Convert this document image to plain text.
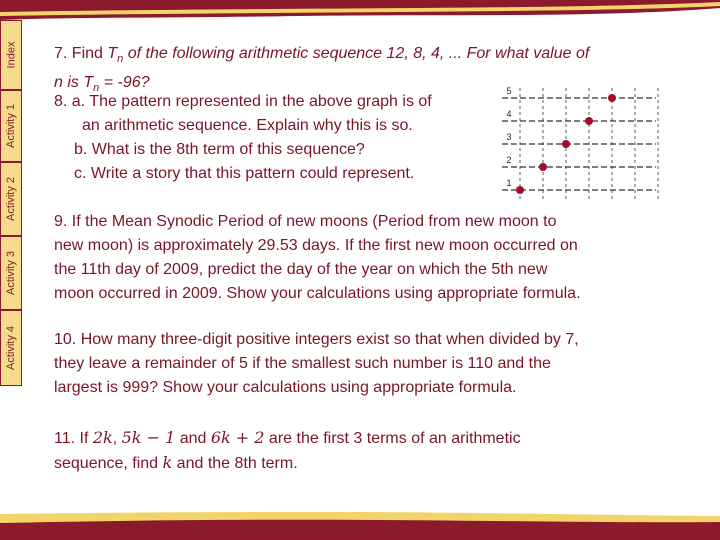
Index
Activity 1
Activity 2
Activity 3
Activity 4
7. Find $T_n$ of the following arithmetic sequence 12, 8, 4, ... For what value of
n is $T_n = -96$?
8. a. The pattern represented in the above graph is of
an arithmetic sequence. Explain why this is so.
b. What is the 8th term of this sequence?
c. Write a story that this pattern could represent.
9. If the Mean Synodic Period of new moons (Period from new moon to
new moon) is approximately 29.53 days. If the first new moon occurred on
the 11th day of 2009, predict the day of the year on which the 5th new
moon occurred in 2009. Show your calculations using appropriate formula.
10. How many three-digit positive integers exist so that when divided by 7,
they leave a remainder of 5 if the smallest such number is 110 and the
largest is 999? Show your calculations using appropriate formula.
11. If 2k, 5k − 1 and 6k + 2 are the first 3 terms of an arithmetic
sequence, find k and the 8th term.
1
2
3
4
5
